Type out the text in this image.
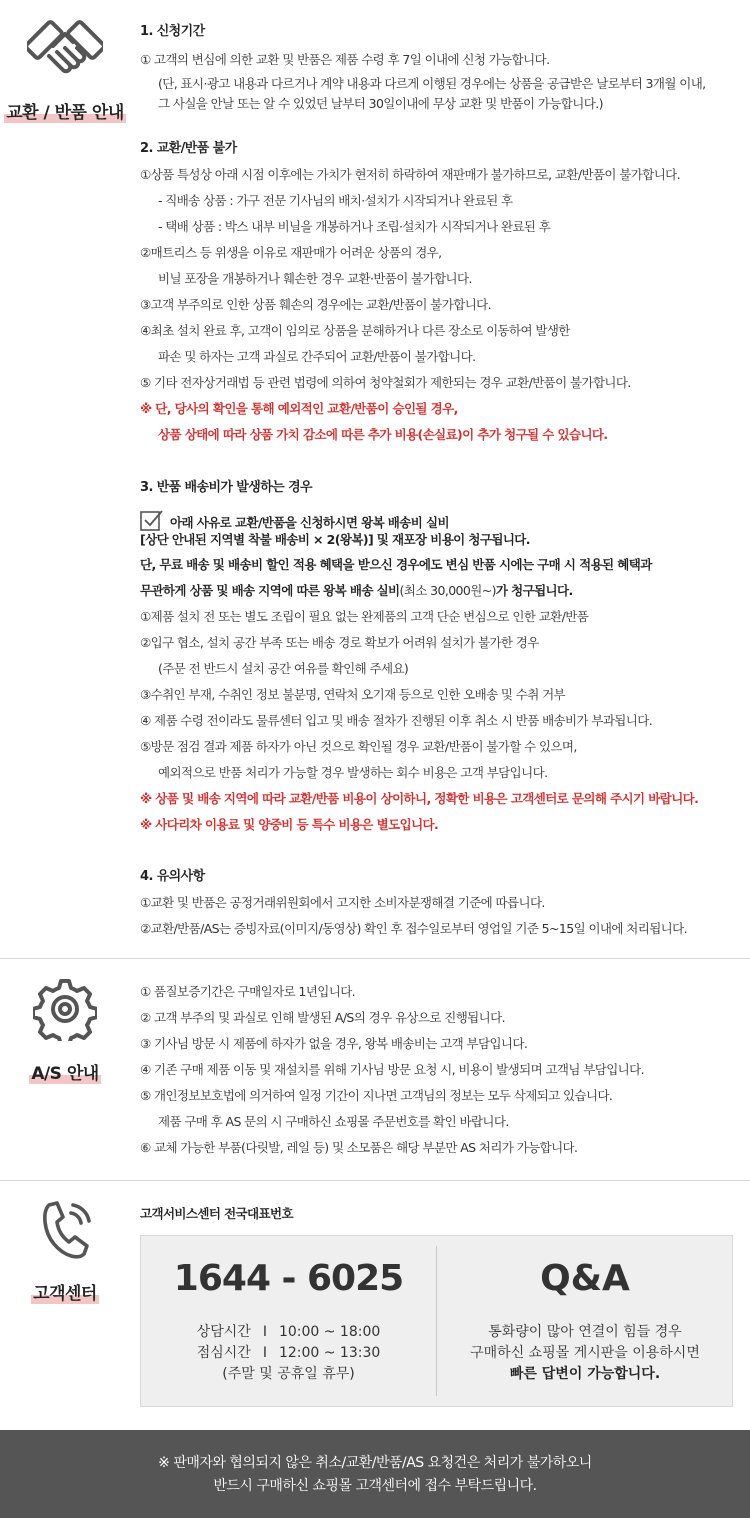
교환 / 반품 안내
1. 신청기간
① 고객의 변심에 의한 교환 및 반품은 제품 수령 후 7일 이내에 신청 가능합니다.
(단, 표시·광고 내용과 다르거나 계약 내용과 다르게 이행된 경우에는 상품을 공급받은 날로부터 3개월 이내,
그 사실을 안날 또는 알 수 있었던 날부터 30일이내에 무상 교환 및 반품이 가능합니다.)
2. 교환/반품 불가
①상품 특성상 아래 시점 이후에는 가치가 현저히 하락하여 재판매가 불가하므로, 교환/반품이 불가합니다.
- 직배송 상품 : 가구 전문 기사님의 배치·설치가 시작되거나 완료된 후
- 택배 상품 : 박스 내부 비닐을 개봉하거나 조립·설치가 시작되거나 완료된 후
②매트리스 등 위생을 이유로 재판매가 어려운 상품의 경우,
비닐 포장을 개봉하거나 훼손한 경우 교환·반품이 불가합니다.
③고객 부주의로 인한 상품 훼손의 경우에는 교환/반품이 불가합니다.
④최초 설치 완료 후, 고객이 임의로 상품을 분해하거나 다른 장소로 이동하여 발생한
파손 및 하자는 고객 과실로 간주되어 교환/반품이 불가합니다.
⑤ 기타 전자상거래법 등 관련 법령에 의하여 청약철회가 제한되는 경우 교환/반품이 불가합니다.
※ 단, 당사의 확인을 통해 예외적인 교환/반품이 승인될 경우,
상품 상태에 따라 상품 가치 감소에 따른 추가 비용(손실료)이 추가 청구될 수 있습니다.
3. 반품 배송비가 발생하는 경우
아래 사유로 교환/반품을 신청하시면 왕복 배송비 실비
[상단 안내된 지역별 착불 배송비 × 2(왕복)] 및 재포장 비용이 청구됩니다.
단, 무료 배송 및 배송비 할인 적용 혜택을 받으신 경우에도 변심 반품 시에는 구매 시 적용된 혜택과
무관하게 상품 및 배송 지역에 따른 왕복 배송 실비(최소 30,000원~)가 청구됩니다.
①제품 설치 전 또는 별도 조립이 필요 없는 완제품의 고객 단순 변심으로 인한 교환/반품
②입구 협소, 설치 공간 부족 또는 배송 경로 확보가 어려워 설치가 불가한 경우
(주문 전 반드시 설치 공간 여유를 확인해 주세요)
③수취인 부재, 수취인 정보 불분명, 연락처 오기재 등으로 인한 오배송 및 수취 거부
④ 제품 수령 전이라도 물류센터 입고 및 배송 절차가 진행된 이후 취소 시 반품 배송비가 부과됩니다.
⑤방문 점검 결과 제품 하자가 아닌 것으로 확인될 경우 교환/반품이 불가할 수 있으며,
예외적으로 반품 처리가 가능할 경우 발생하는 회수 비용은 고객 부담입니다.
※ 상품 및 배송 지역에 따라 교환/반품 비용이 상이하니, 정확한 비용은 고객센터로 문의해 주시기 바랍니다.
※ 사다리차 이용료 및 양중비 등 특수 비용은 별도입니다.
4. 유의사항
①교환 및 반품은 공정거래위원회에서 고지한 소비자분쟁해결 기준에 따릅니다.
②교환/반품/AS는 증빙자료(이미지/동영상) 확인 후 접수일로부터 영업일 기준 5~15일 이내에 처리됩니다.
A/S 안내
① 품질보증기간은 구매일자로 1년입니다.
② 고객 부주의 및 과실로 인해 발생된 A/S의 경우 유상으로 진행됩니다.
③ 기사님 방문 시 제품에 하자가 없을 경우, 왕복 배송비는 고객 부담입니다.
④ 기존 구매 제품 이동 및 재설치를 위해 기사님 방문 요청 시, 비용이 발생되며 고객님 부담입니다.
⑤ 개인정보보호법에 의거하여 일정 기간이 지나면 고객님의 정보는 모두 삭제되고 있습니다.
제품 구매 후 AS 문의 시 구매하신 쇼핑몰 주문번호를 확인 바랍니다.
⑥ 교체 가능한 부품(다릿발, 레일 등) 및 소모품은 해당 부분만 AS 처리가 가능합니다.
고객센터
고객서비스센터 전국대표번호
1644 - 6025
상담시간 I 10:00 ~ 18:00
점심시간 I 12:00 ~ 13:30
(주말 및 공휴일 휴무)
Q&A
통화량이 많아 연결이 힘들 경우
구매하신 쇼핑몰 게시판을 이용하시면
빠른 답변이 가능합니다.
※ 판매자와 협의되지 않은 취소/교환/반품/AS 요청건은 처리가 불가하오니
반드시 구매하신 쇼핑몰 고객센터에 접수 부탁드립니다.
